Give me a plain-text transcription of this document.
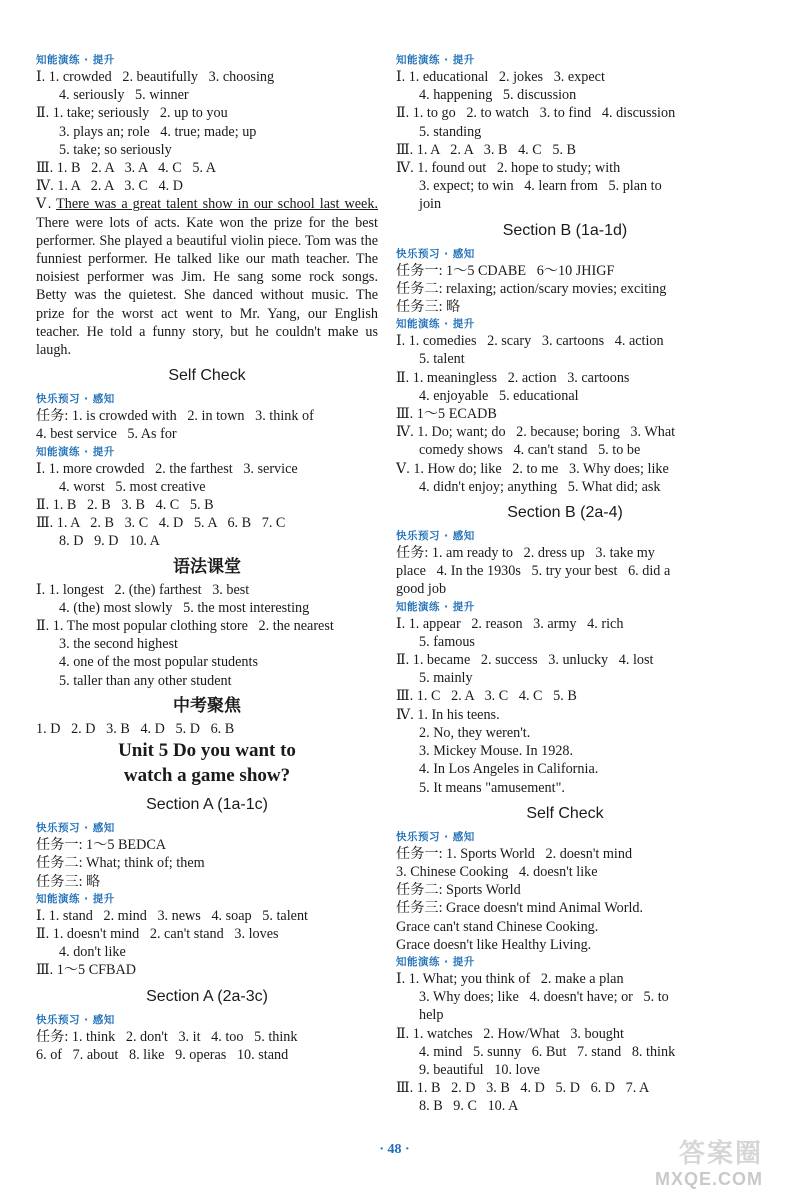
知能演练 · 提升
Ⅰ. 1. crowded   2. beautifully   3. choosing
4. seriously   5. winner
Ⅱ. 1. take; seriously   2. up to you
3. plays an; role   4. true; made; up
5. take; so seriously
Ⅲ. 1. B   2. A   3. A   4. C   5. A
Ⅳ. 1. A   2. A   3. C   4. D
Ⅴ. There was a great talent show in our school last week. There were lots of acts. Kate won the prize for the best performer. She played a beautiful violin piece. Tom was the funniest performer. He talked like our math teacher. The noisiest performer was Jim. He sang some rock songs. Betty was the quietest. She danced without music. The prize for the worst act went to Mr. Yang, our English teacher. He told a funny story, but he couldn't make us laugh.
Self Check
快乐预习 · 感知
任务: 1. is crowded with   2. in town   3. think of
4. best service   5. As for
知能演练 · 提升
Ⅰ. 1. more crowded   2. the farthest   3. service
4. worst   5. most creative
Ⅱ. 1. B   2. B   3. B   4. C   5. B
Ⅲ. 1. A   2. B   3. C   4. D   5. A   6. B   7. C
8. D   9. D   10. A
语法课堂
Ⅰ. 1. longest   2. (the) farthest   3. best
4. (the) most slowly   5. the most interesting
Ⅱ. 1. The most popular clothing store   2. the nearest
3. the second highest
4. one of the most popular students
5. taller than any other student
中考聚焦
1. D   2. D   3. B   4. D   5. D   6. B
Unit 5 Do you want to
watch a game show?
Section A (1a-1c)
快乐预习 · 感知
任务一: 1～5 BEDCA
任务二: What; think of; them
任务三: 略
知能演练 · 提升
Ⅰ. 1. stand   2. mind   3. news   4. soap   5. talent
Ⅱ. 1. doesn't mind   2. can't stand   3. loves
4. don't like
Ⅲ. 1～5 CFBAD
Section A (2a-3c)
快乐预习 · 感知
任务: 1. think   2. don't   3. it   4. too   5. think
6. of   7. about   8. like   9. operas   10. stand
知能演练 · 提升
Ⅰ. 1. educational   2. jokes   3. expect
4. happening   5. discussion
Ⅱ. 1. to go   2. to watch   3. to find   4. discussion
5. standing
Ⅲ. 1. A   2. A   3. B   4. C   5. B
Ⅳ. 1. found out   2. hope to study; with
3. expect; to win   4. learn from   5. plan to
join
Section B (1a-1d)
快乐预习 · 感知
任务一: 1～5 CDABE   6～10 JHIGF
任务二: relaxing; action/scary movies; exciting
任务三: 略
知能演练 · 提升
Ⅰ. 1. comedies   2. scary   3. cartoons   4. action
5. talent
Ⅱ. 1. meaningless   2. action   3. cartoons
4. enjoyable   5. educational
Ⅲ. 1～5 ECADB
Ⅳ. 1. Do; want; do   2. because; boring   3. What
comedy shows   4. can't stand   5. to be
Ⅴ. 1. How do; like   2. to me   3. Why does; like
4. didn't enjoy; anything   5. What did; ask
Section B (2a-4)
快乐预习 · 感知
任务: 1. am ready to   2. dress up   3. take my
place   4. In the 1930s   5. try your best   6. did a
good job
知能演练 · 提升
Ⅰ. 1. appear   2. reason   3. army   4. rich
5. famous
Ⅱ. 1. became   2. success   3. unlucky   4. lost
5. mainly
Ⅲ. 1. C   2. A   3. C   4. C   5. B
Ⅳ. 1. In his teens.
2. No, they weren't.
3. Mickey Mouse. In 1928.
4. In Los Angeles in California.
5. It means "amusement".
Self Check
快乐预习 · 感知
任务一: 1. Sports World   2. doesn't mind
3. Chinese Cooking   4. doesn't like
任务二: Sports World
任务三: Grace doesn't mind Animal World.
Grace can't stand Chinese Cooking.
Grace doesn't like Healthy Living.
知能演练 · 提升
Ⅰ. 1. What; you think of   2. make a plan
3. Why does; like   4. doesn't have; or   5. to
help
Ⅱ. 1. watches   2. How/What   3. bought
4. mind   5. sunny   6. But   7. stand   8. think
9. beautiful   10. love
Ⅲ. 1. B   2. D   3. B   4. D   5. D   6. D   7. A
8. B   9. C   10. A
· 48 ·	答案圈
MXQE.COM
